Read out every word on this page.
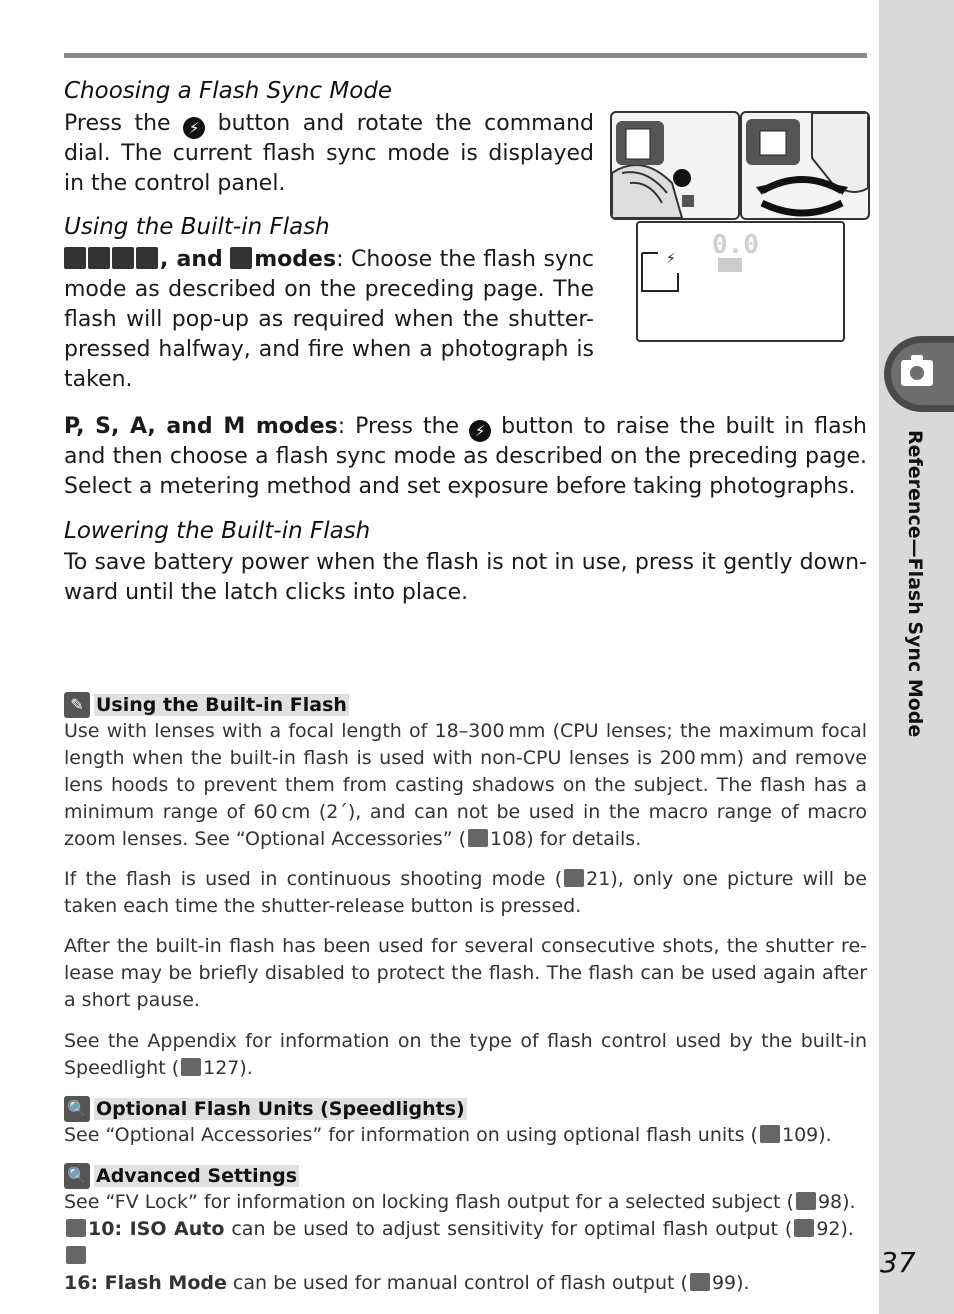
Reference—Flash Sync Mode
37
Choosing a Flash Sync Mode
Press the ⚡ button and rotate the command dial. The current flash sync mode is displayed in the control panel.
⚡ 0.0
Using the Built-in Flash
, and modes: Choose the flash sync mode as described on the preceding page. The flash will pop-up as required when the shutter-pressed halfway, and fire when a photograph is taken.
P, S, A, and M modes: Press the ⚡ button to raise the built in flash and then choose a flash sync mode as described on the preceding page. Select a metering method and set exposure before taking photographs.
Lowering the Built-in Flash
To save battery power when the flash is not in use, press it gently down-ward until the latch clicks into place.
✎ Using the Built-in Flash
Use with lenses with a focal length of 18–300 mm (CPU lenses; the maximum focal length when the built-in flash is used with non-CPU lenses is 200 mm) and remove lens hoods to prevent them from casting shadows on the subject. The flash has a minimum range of 60 cm (2´), and can not be used in the macro range of macro zoom lenses. See “Optional Accessories” ( 108) for details.
If the flash is used in continuous shooting mode ( 21), only one picture will be taken each time the shutter-release button is pressed.
After the built-in flash has been used for several consecutive shots, the shutter re-lease may be briefly disabled to protect the flash. The flash can be used again after a short pause.
See the Appendix for information on the type of flash control used by the built-in Speedlight ( 127).
🔍 Optional Flash Units (Speedlights)
See “Optional Accessories” for information on using optional flash units ( 109).
🔍 Advanced Settings
See “FV Lock” for information on locking flash output for a selected subject ( 98).
10: ISO Auto can be used to adjust sensitivity for optimal flash output ( 92).
16: Flash Mode can be used for manual control of flash output ( 99).
